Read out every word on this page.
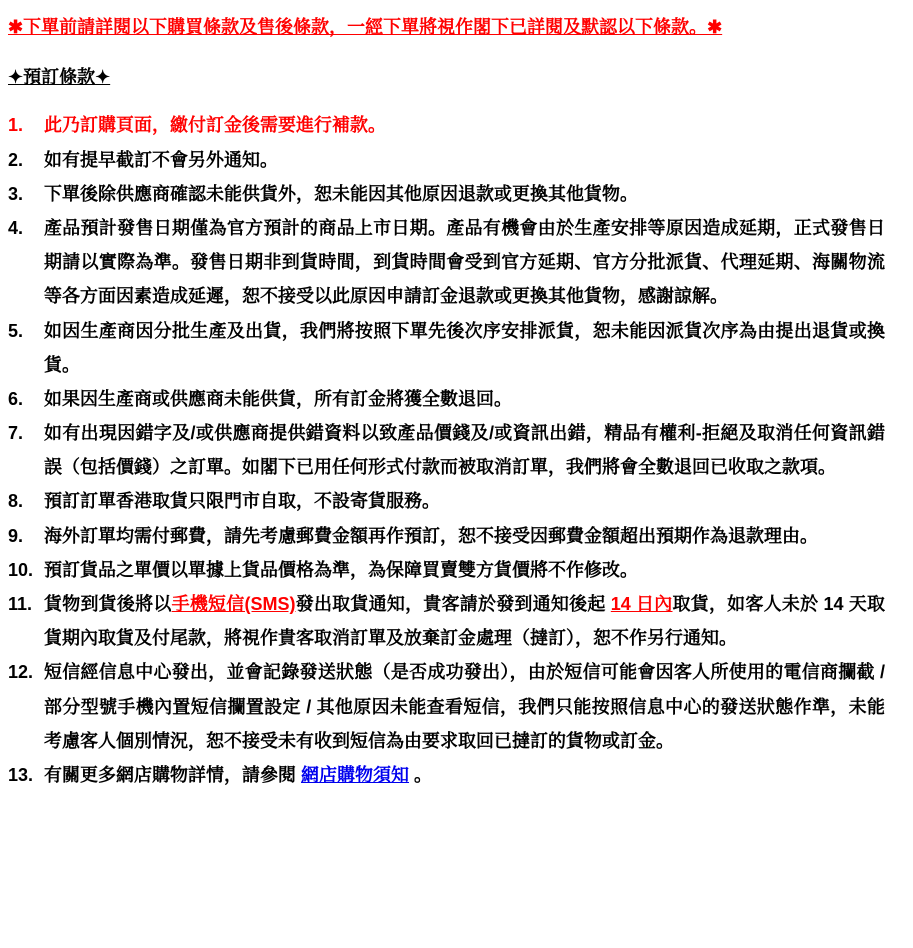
✱下單前請詳閱以下購買條款及售後條款，一經下單將視作閣下已詳閱及默認以下條款。✱
✦預訂條款✦
1.	此乃訂購頁面，繳付訂金後需要進行補款。
2.	如有提早截訂不會另外通知。
3.	下單後除供應商確認未能供貨外，恕未能因其他原因退款或更換其他貨物。
4.	產品預計發售日期僅為官方預計的商品上市日期。產品有機會由於生產安排等原因造成延期，正式發售日期請以實際為準。發售日期非到貨時間，到貨時間會受到官方延期、官方分批派貨、代理延期、海關物流等各方面因素造成延遲，恕不接受以此原因申請訂金退款或更換其他貨物，感謝諒解。
5.	如因生產商因分批生產及出貨，我們將按照下單先後次序安排派貨，恕未能因派貨次序為由提出退貨或換貨。
6.	如果因生產商或供應商未能供貨，所有訂金將獲全數退回。
7.	如有出現因錯字及/或供應商提供錯資料以致產品價錢及/或資訊出錯，精品有權利-拒絕及取消任何資訊錯誤（包括價錢）之訂單。如閣下已用任何形式付款而被取消訂單，我們將會全數退回已收取之款項。
8.	預訂訂單香港取貨只限門市自取，不設寄貨服務。
9.	海外訂單均需付郵費，請先考慮郵費金額再作預訂，恕不接受因郵費金額超出預期作為退款理由。
10. 預訂貨品之單價以單據上貨品價格為準，為保障買賣雙方貨價將不作修改。
11. 貨物到貨後將以手機短信(SMS)發出取貨通知，貴客請於發到通知後起 14 日內取貨，如客人未於 14 天取貨期內取貨及付尾款，將視作貴客取消訂單及放棄訂金處理（撻訂），恕不作另行通知。
12. 短信經信息中心發出，並會記錄發送狀態（是否成功發出），由於短信可能會因客人所使用的電信商攔截 / 部分型號手機內置短信攔置設定 / 其他原因未能查看短信，我們只能按照信息中心的發送狀態作準，未能考慮客人個別情況，恕不接受未有收到短信為由要求取回已撻訂的貨物或訂金。
13. 有關更多網店購物詳情，請參閱 網店購物須知 。
